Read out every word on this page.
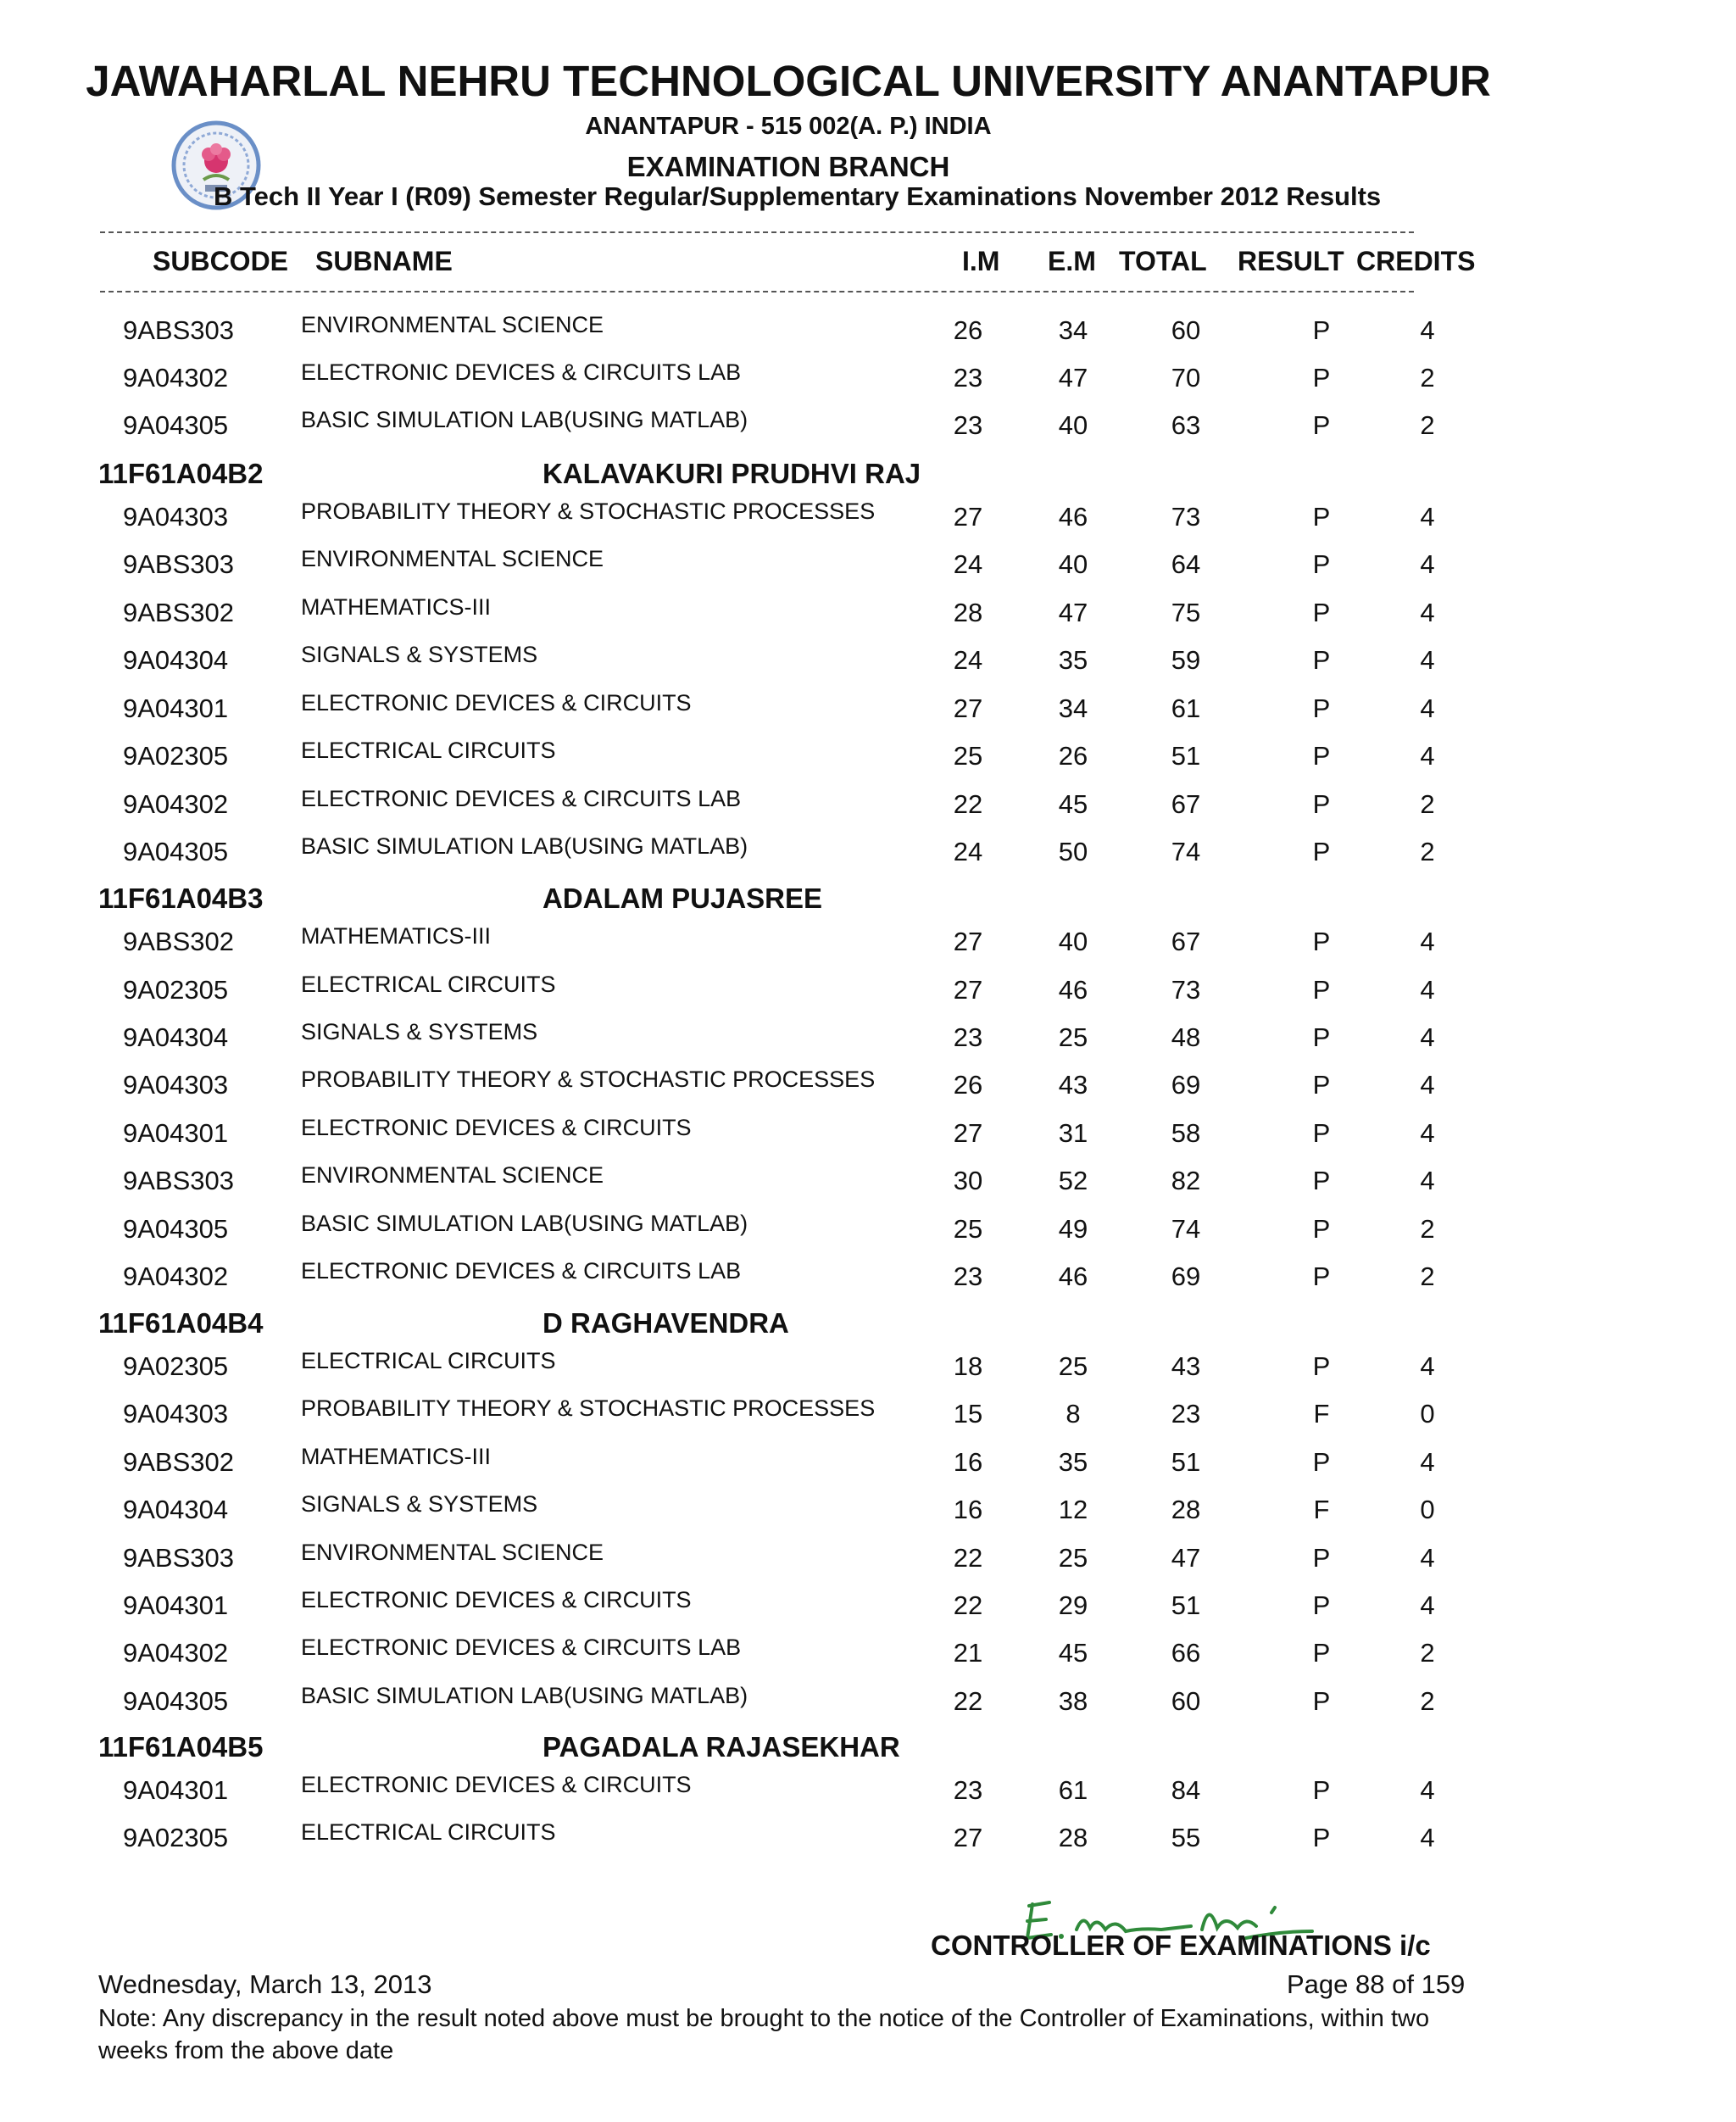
JAWAHARLAL NEHRU TECHNOLOGICAL UNIVERSITY ANANTAPUR
ANANTAPUR - 515 002(A. P.) INDIA
EXAMINATION BRANCH
B Tech II Year I (R09) Semester Regular/Supplementary Examinations November 2012 Results
SUBCODE SUBNAME	I.M E.M TOTAL RESULT CREDITS
9ABS303	ENVIRONMENTAL SCIENCE	26	34	60	P	4
9A04302	ELECTRONIC DEVICES & CIRCUITS LAB	23	47	70	P	2
9A04305	BASIC SIMULATION LAB(USING MATLAB)	23	40	63	P	2
11F61A04B2	KALAVAKURI PRUDHVI RAJ
9A04303	PROBABILITY THEORY & STOCHASTIC PROCESSES	27	46	73	P	4
9ABS303	ENVIRONMENTAL SCIENCE	24	40	64	P	4
9ABS302	MATHEMATICS-III	28	47	75	P	4
9A04304	SIGNALS & SYSTEMS	24	35	59	P	4
9A04301	ELECTRONIC DEVICES & CIRCUITS	27	34	61	P	4
9A02305	ELECTRICAL CIRCUITS	25	26	51	P	4
9A04302	ELECTRONIC DEVICES & CIRCUITS LAB	22	45	67	P	2
9A04305	BASIC SIMULATION LAB(USING MATLAB)	24	50	74	P	2
11F61A04B3	ADALAM PUJASREE
9ABS302	MATHEMATICS-III	27	40	67	P	4
9A02305	ELECTRICAL CIRCUITS	27	46	73	P	4
9A04304	SIGNALS & SYSTEMS	23	25	48	P	4
9A04303	PROBABILITY THEORY & STOCHASTIC PROCESSES	26	43	69	P	4
9A04301	ELECTRONIC DEVICES & CIRCUITS	27	31	58	P	4
9ABS303	ENVIRONMENTAL SCIENCE	30	52	82	P	4
9A04305	BASIC SIMULATION LAB(USING MATLAB)	25	49	74	P	2
9A04302	ELECTRONIC DEVICES & CIRCUITS LAB	23	46	69	P	2
11F61A04B4	D RAGHAVENDRA
9A02305	ELECTRICAL CIRCUITS	18	25	43	P	4
9A04303	PROBABILITY THEORY & STOCHASTIC PROCESSES	15	8	23	F	0
9ABS302	MATHEMATICS-III	16	35	51	P	4
9A04304	SIGNALS & SYSTEMS	16	12	28	F	0
9ABS303	ENVIRONMENTAL SCIENCE	22	25	47	P	4
9A04301	ELECTRONIC DEVICES & CIRCUITS	22	29	51	P	4
9A04302	ELECTRONIC DEVICES & CIRCUITS LAB	21	45	66	P	2
9A04305	BASIC SIMULATION LAB(USING MATLAB)	22	38	60	P	2
11F61A04B5	PAGADALA RAJASEKHAR
9A04301	ELECTRONIC DEVICES & CIRCUITS	23	61	84	P	4
9A02305	ELECTRICAL CIRCUITS	27	28	55	P	4
CONTROLLER OF EXAMINATIONS i/c
Wednesday, March 13, 2013	Page 88 of 159
Note: Any discrepancy in the result noted above must be brought to the notice of the Controller of Examinations, within two weeks from the above date
